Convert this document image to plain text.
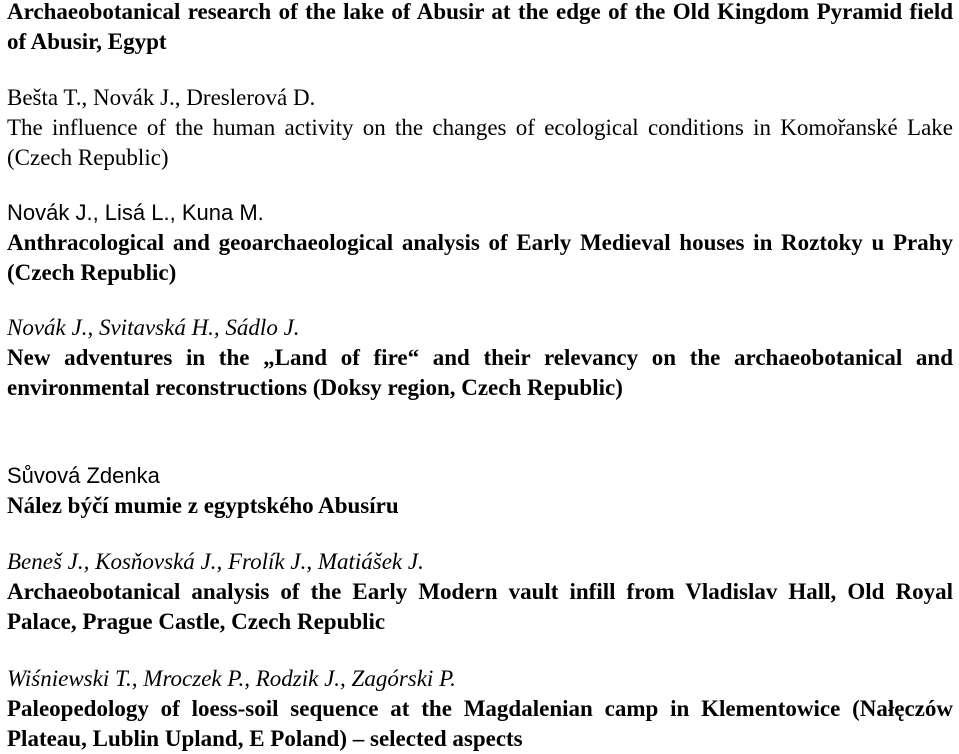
Archaeobotanical research of the lake of Abusir at the edge of the Old Kingdom Pyramid field of Abusir, Egypt
Bešta T., Novák J., Dreslerová D.
The influence of the human activity on the changes of ecological conditions in Komořanské Lake (Czech Republic)
Novák J., Lisá L., Kuna M.
Anthracological and geoarchaeological analysis of Early Medieval houses in Roztoky u Prahy (Czech Republic)
Novák J., Svitavská H., Sádlo J.
New adventures in the „Land of fire“ and their relevancy on the archaeobotanical and environmental reconstructions (Doksy region, Czech Republic)
Sůvová Zdenka
Nález býčí mumie z egyptského Abusíru
Beneš J., Kosňovská J., Frolík J., Matiášek J.
Archaeobotanical analysis of the Early Modern vault infill from Vladislav Hall, Old Royal Palace, Prague Castle, Czech Republic
Wiśniewski T., Mroczek P., Rodzik J., Zagórski P.
Paleopedology of loess-soil sequence at the Magdalenian camp in Klementowice (Nałęczów Plateau, Lublin Upland, E Poland) – selected aspects
